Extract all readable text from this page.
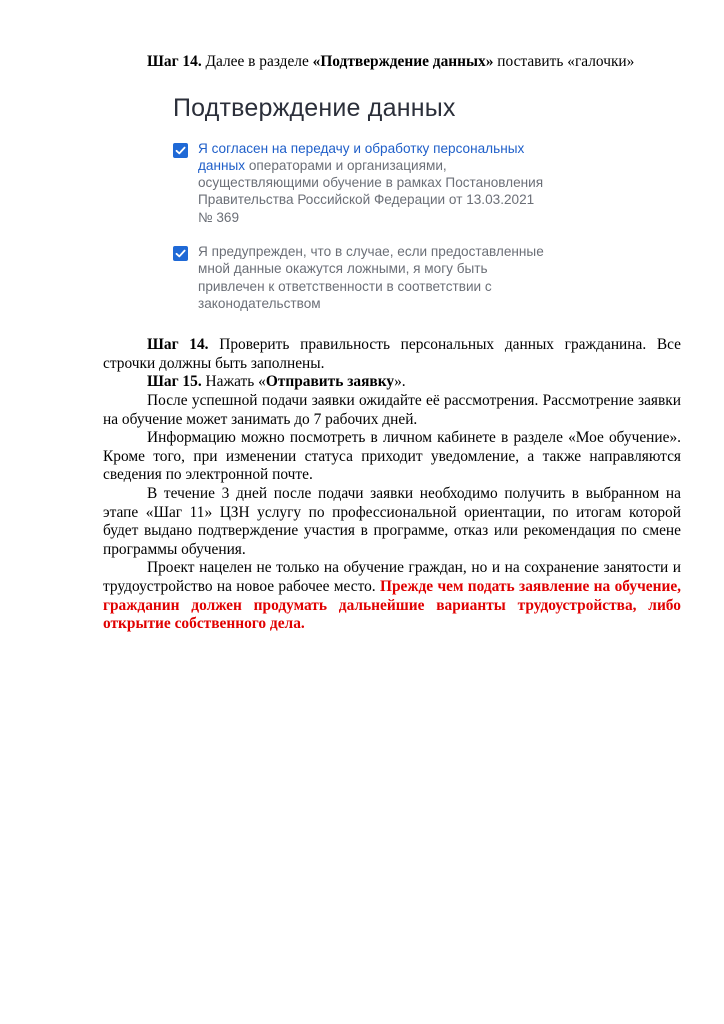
Шаг 14. Далее в разделе «Подтверждение данных» поставить «галочки»

Подтверждение данных
Я согласен на передачу и обработку персональных данных операторами и организациями, осуществляющими обучение в рамках Постановления Правительства Российской Федерации от 13.03.2021 № 369
Я предупрежден, что в случае, если предоставленные мной данные окажутся ложными, я могу быть привлечен к ответственности в соответствии с законодательством

Шаг 14. Проверить правильность персональных данных гражданина. Все строчки должны быть заполнены.

Шаг 15. Нажать «Отправить заявку».

После успешной подачи заявки ожидайте её рассмотрения. Рассмотрение заявки на обучение может занимать до 7 рабочих дней.

Информацию можно посмотреть в личном кабинете в разделе «Мое обучение». Кроме того, при изменении статуса приходит уведомление, а также направляются сведения по электронной почте.

В течение 3 дней после подачи заявки необходимо получить в выбранном на этапе «Шаг 11» ЦЗН услугу по профессиональной ориентации, по итогам которой будет выдано подтверждение участия в программе, отказ или рекомендация по смене программы обучения.

Проект нацелен не только на обучение граждан, но и на сохранение занятости и трудоустройство на новое рабочее место. Прежде чем подать заявление на обучение, гражданин должен продумать дальнейшие варианты трудоустройства, либо открытие собственного дела.
